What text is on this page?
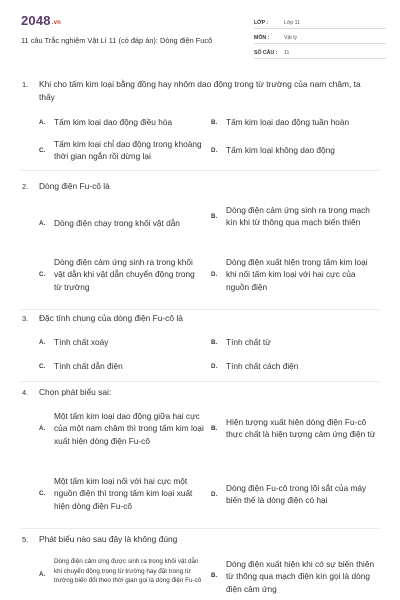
2048.vn
11 câu Trắc nghiệm Vật Lí 11 (có đáp án): Dòng điện Fucô
LỚP :	Lớp 11
MÔN :	Vật lý
SỐ CÂU :	11
1. Khi cho tấm kim loại bằng đồng hay nhôm dao động trong từ trường của nam châm, ta thấy
A.	Tấm kim loại dao động điều hòa	B.	Tấm kim loại dao động tuần hoàn
C.
Tấm kim loại chỉ dao động trong khoảng thời gian ngắn rồi dừng lại
D.	Tấm kim loại không dao động
2. Dòng điện Fu-cô là
A.	Dòng điện chạy trong khối vật dẫn
B.
Dòng điện cảm ứng sinh ra trong mạch kín khi từ thông qua mạch biến thiên
C.
Dòng điện cảm ứng sinh ra trong khối vật dẫn khi vật dẫn chuyển động trong từ trường
D.
Dòng điện xuất hiện trong tấm kim loại khi nối tấm kim loại với hai cực của nguồn điện
3. Đặc tính chung của dòng điện Fu-cô là
A.	Tính chất xoáy	B.	Tính chất từ
C.	Tính chất dẫn điện	D.	Tính chất cách điện
4. Chọn phát biểu sai:
A.
Một tấm kim loại dao động giữa hai cực của một nam châm thì trong tấm kim loại xuất hiện dòng điện Fu-cô
B.
Hiện tượng xuất hiện dòng điện Fu-cô thực chất là hiện tượng cảm ứng điện từ
C.
Một tấm kim loại nối với hai cực một nguồn điện thì trong tấm kim loại xuất hiện dòng điện Fu-cô
D.
Dòng điện Fu-cô trong lõi sắt của máy biến thế là dòng điện có hại
5. Phát biểu nào sau đây là không đúng
A.
Dòng điện cảm ứng được sinh ra trong khối vật dẫn khi chuyển động trong từ trường hay đặt trong từ trường biến đổi theo thời gian gọi là dòng điện Fu-cô
B.
Dòng điện xuất hiện khi có sự biến thiên từ thông qua mạch điện kín gọi là dòng điện cảm ứng
